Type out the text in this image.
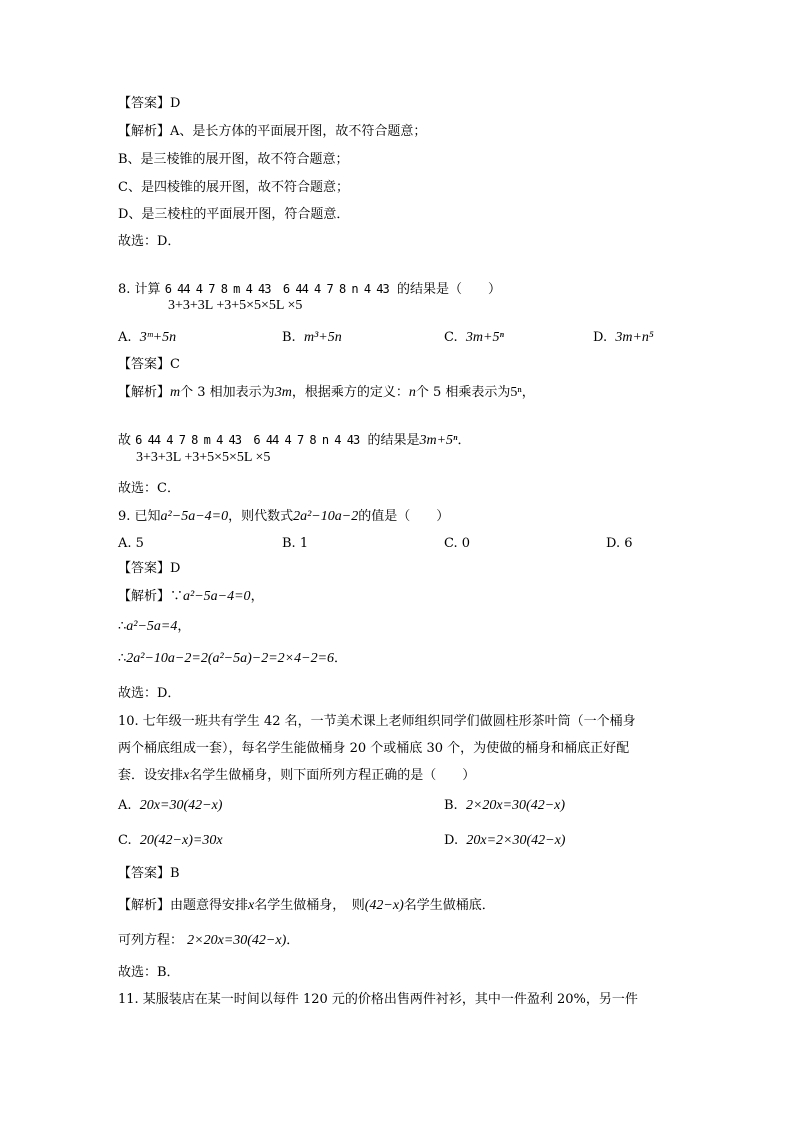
【答案】D
【解析】A、是长方体的平面展开图，故不符合题意；
B、是三棱锥的展开图，故不符合题意；
C、是四棱锥的展开图，故不符合题意；
D、是三棱柱的平面展开图，符合题意．
故选：D．
8. 计算 6 44 4 7 8 m 4 43 6 44 4 7 8 n 4 43 的结果是（　　）
3+3+3L +3+5×5×5L ×5
A. 3ᵐ+5n	B. m³+5n	C. 3m+5ⁿ	D. 3m+n⁵
【答案】C
【解析】m个 3 相加表示为3m，根据乘方的定义：n个 5 相乘表示为5ⁿ，
故 6 44 4 7 8 m 4 43 6 44 4 7 8 n 4 43 的结果是3m+5ⁿ．
3+3+3L +3+5×5×5L ×5
故选：C．
9. 已知a²−5a−4=0，则代数式2a²−10a−2的值是（　　）
A. 5	B. 1	C. 0	D. 6
【答案】D
【解析】∵a²−5a−4=0，
∴a²−5a=4，
∴2a²−10a−2=2(a²−5a)−2=2×4−2=6．
故选：D．
10. 七年级一班共有学生 42 名，一节美术课上老师组织同学们做圆柱形茶叶筒（一个桶身
两个桶底组成一套），每名学生能做桶身 20 个或桶底 30 个，为使做的桶身和桶底正好配
套．设安排x名学生做桶身，则下面所列方程正确的是（　　）
A. 20x=30(42−x)	B. 2×20x=30(42−x)
C. 20(42−x)=30x	D. 20x=2×30(42−x)
【答案】B
【解析】由题意得安排x名学生做桶身，　则(42−x)名学生做桶底．
可列方程： 2×20x=30(42−x)．
故选：B．
11. 某服装店在某一时间以每件 120 元的价格出售两件衬衫，其中一件盈利 20%，另一件
